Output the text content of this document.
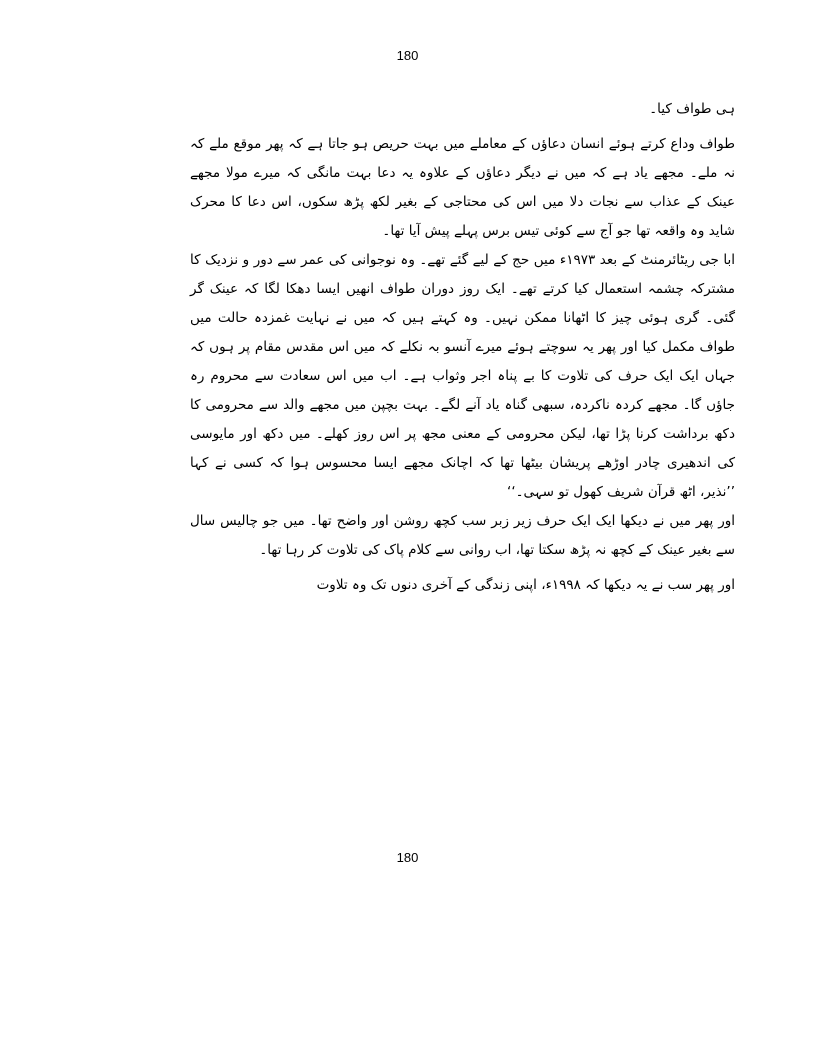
180

ہی طواف کیا۔

طواف وداع کرتے ہوئے انسان دعاؤں کے معاملے میں بہت حریص ہو جاتا ہے کہ پھر موقع ملے کہ نہ ملے۔ مجھے یاد ہے کہ میں نے دیگر دعاؤں کے علاوہ یہ دعا بہت مانگی کہ میرے مولا مجھے عینک کے عذاب سے نجات دلا میں اس کی محتاجی کے بغیر لکھ پڑھ سکوں، اس دعا کا محرک شاید وہ واقعہ تھا جو آج سے کوئی تیس برس پہلے پیش آیا تھا۔

ابا جی ریٹائرمنٹ کے بعد ۱۹۷۳ء میں حج کے لیے گئے تھے۔ وہ نوجوانی کی عمر سے دور و نزدیک کا مشترکہ چشمہ استعمال کیا کرتے تھے۔ ایک روز دوران طواف انھیں ایسا دھکا لگا کہ عینک گر گئی۔ گری ہوئی چیز کا اٹھانا ممکن نہیں۔ وہ کہتے ہیں کہ میں نے نہایت غمزدہ حالت میں طواف مکمل کیا اور پھر یہ سوچتے ہوئے میرے آنسو بہ نکلے کہ میں اس مقدس مقام پر ہوں کہ جہاں ایک ایک حرف کی تلاوت کا بے پناہ اجر وثواب ہے۔ اب میں اس سعادت سے محروم رہ جاؤں گا۔ مجھے کردہ ناکردہ، سبھی گناہ یاد آنے لگے۔ بہت بچپن میں مجھے والد سے محرومی کا دکھ برداشت کرنا پڑا تھا، لیکن محرومی کے معنی مجھ پر اس روز کھلے۔ میں دکھ اور مایوسی کی اندھیری چادر اوڑھے پریشان بیٹھا تھا کہ اچانک مجھے ایسا محسوس ہوا کہ کسی نے کہا ’’نذیر، اٹھ قرآن شریف کھول تو سہی۔‘‘

اور پھر میں نے دیکھا ایک ایک حرف زیر زبر سب کچھ روشن اور واضح تھا۔ میں جو چالیس سال سے بغیر عینک کے کچھ نہ پڑھ سکتا تھا، اب روانی سے کلام پاک کی تلاوت کر رہا تھا۔

اور پھر سب نے یہ دیکھا کہ ۱۹۹۸ء، اپنی زندگی کے آخری دنوں تک وہ تلاوت

180
